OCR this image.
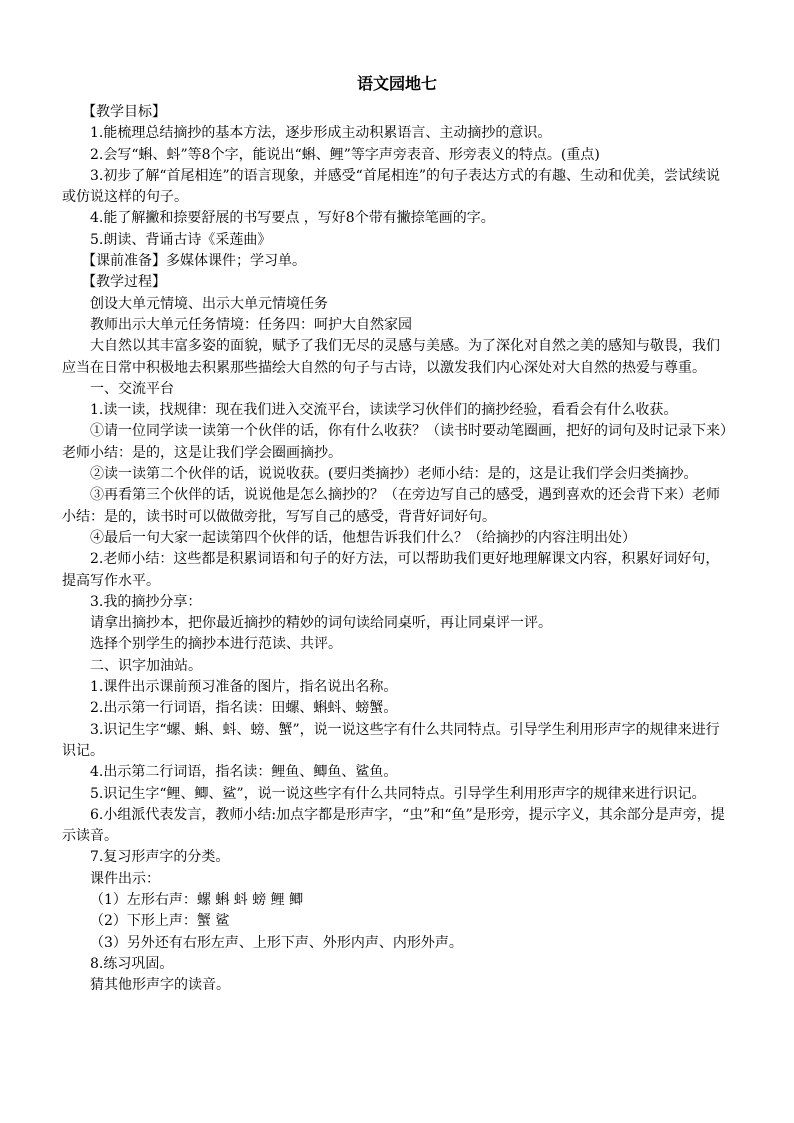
语文园地七

【教学目标】

1.能梳理总结摘抄的基本方法，逐步形成主动积累语言、主动摘抄的意识。

2.会写“蝌、蚪”等8个字，能说出“蝌、鲤”等字声旁表音、形旁表义的特点。(重点)

3.初步了解“首尾相连”的语言现象，并感受“首尾相连”的句子表达方式的有趣、生动和优美，尝试续说或仿说这样的句子。

4.能了解撇和捺要舒展的书写要点 ，写好8个带有撇捺笔画的字。

5.朗读、背诵古诗《采莲曲》

【课前准备】多媒体课件；学习单。

【教学过程】

创设大单元情境、出示大单元情境任务

教师出示大单元任务情境：任务四：呵护大自然家园

大自然以其丰富多姿的面貌，赋予了我们无尽的灵感与美感。为了深化对自然之美的感知与敬畏，我们应当在日常中积极地去积累那些描绘大自然的句子与古诗，以激发我们内心深处对大自然的热爱与尊重。

一、交流平台

1.读一读，找规律：现在我们进入交流平台，读读学习伙伴们的摘抄经验，看看会有什么收获。

①请一位同学读一读第一个伙伴的话，你有什么收获？（读书时要动笔圈画，把好的词句及时记录下来）老师小结：是的，这是让我们学会圈画摘抄。

②读一读第二个伙伴的话，说说收获。(要归类摘抄）老师小结：是的，这是让我们学会归类摘抄。

③再看第三个伙伴的话，说说他是怎么摘抄的？（在旁边写自己的感受，遇到喜欢的还会背下来）老师小结：是的，读书时可以做做旁批，写写自己的感受，背背好词好句。

④最后一句大家一起读第四个伙伴的话，他想告诉我们什么？（给摘抄的内容注明出处）

2.老师小结：这些都是积累词语和句子的好方法，可以帮助我们更好地理解课文内容，积累好词好句，提高写作水平。

3.我的摘抄分享：

请拿出摘抄本，把你最近摘抄的精妙的词句读给同桌听，再让同桌评一评。

选择个别学生的摘抄本进行范读、共评。

二、识字加油站。

1.课件出示课前预习准备的图片，指名说出名称。

2.出示第一行词语，指名读：田螺、蝌蚪、螃蟹。

3.识记生字“螺、蝌、蚪、螃、蟹”，说一说这些字有什么共同特点。引导学生利用形声字的规律来进行识记。

4.出示第二行词语，指名读：鲤鱼、鲫鱼、鲨鱼。

5.识记生字“鲤、鲫、鲨”，说一说这些字有什么共同特点。引导学生利用形声字的规律来进行识记。

6.小组派代表发言，教师小结:加点字都是形声字，“虫”和“鱼”是形旁，提示字义，其余部分是声旁，提示读音。

7.复习形声字的分类。

课件出示：

（1）左形右声：螺 蝌 蚪 螃 鲤 鲫

（2）下形上声：蟹 鲨

（3）另外还有右形左声、上形下声、外形内声、内形外声。

8.练习巩固。

猜其他形声字的读音。
